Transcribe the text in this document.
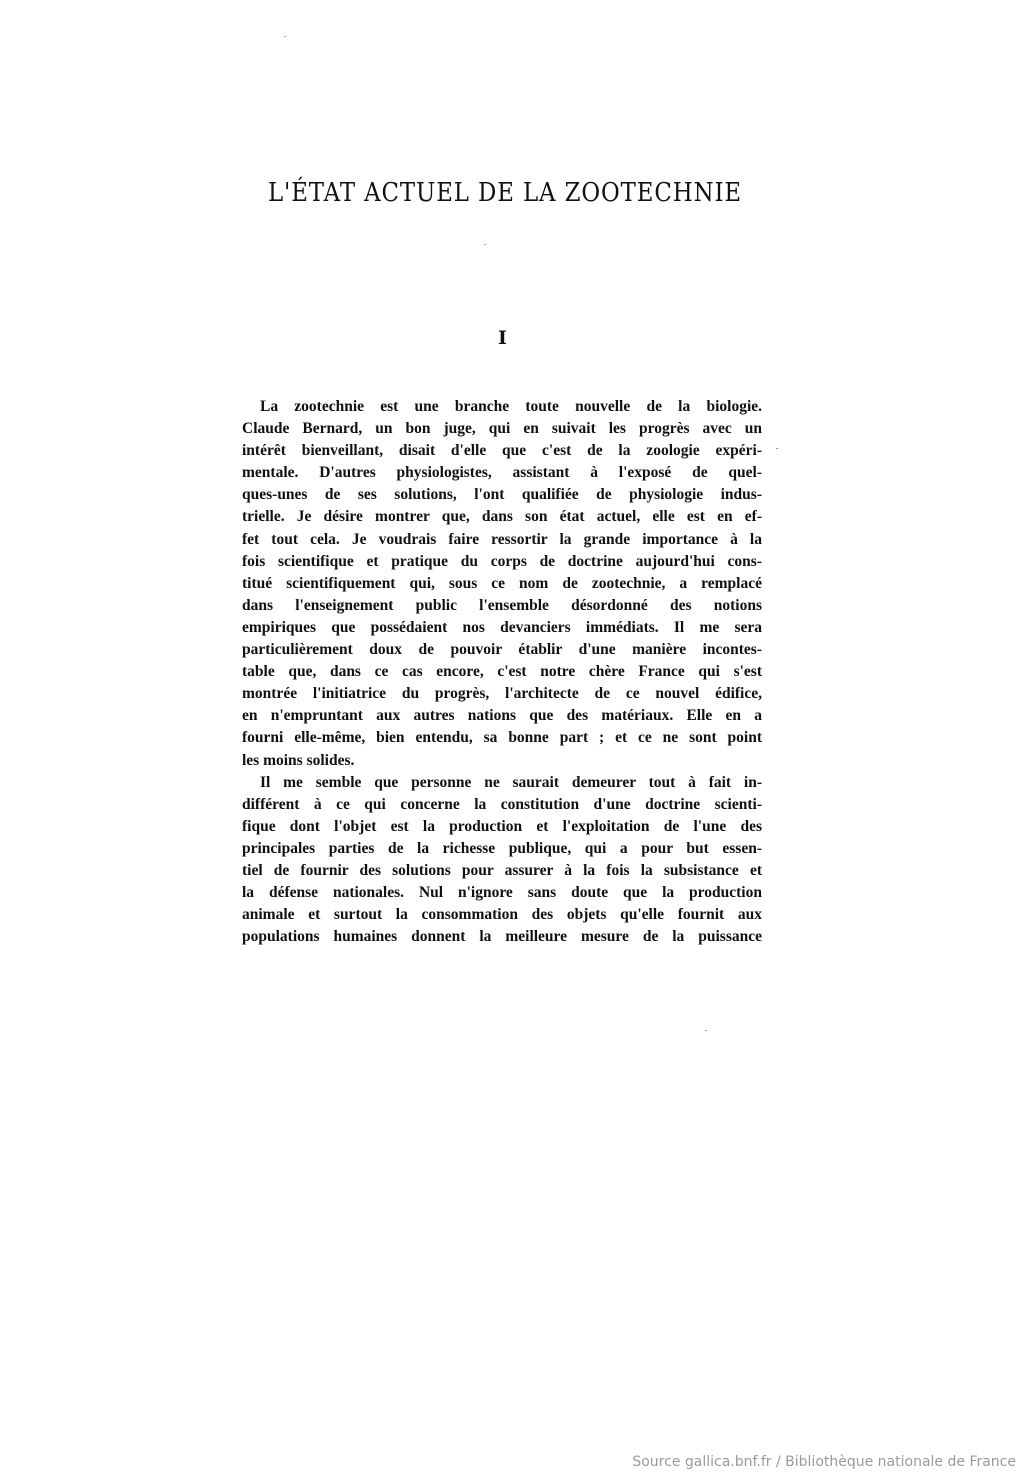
L'ÉTAT ACTUEL DE LA ZOOTECHNIE
I
La zootechnie est une branche toute nouvelle de la biologie.
Claude Bernard, un bon juge, qui en suivait les progrès avec un
intérêt bienveillant, disait d'elle que c'est de la zoologie expéri-
mentale. D'autres physiologistes, assistant à l'exposé de quel-
ques-unes de ses solutions, l'ont qualifiée de physiologie indus-
trielle. Je désire montrer que, dans son état actuel, elle est en ef-
fet tout cela. Je voudrais faire ressortir la grande importance à la
fois scientifique et pratique du corps de doctrine aujourd'hui cons-
titué scientifiquement qui, sous ce nom de zootechnie, a remplacé
dans l'enseignement public l'ensemble désordonné des notions
empiriques que possédaient nos devanciers immédiats. Il me sera
particulièrement doux de pouvoir établir d'une manière incontes-
table que, dans ce cas encore, c'est notre chère France qui s'est
montrée l'initiatrice du progrès, l'architecte de ce nouvel édifice,
en n'empruntant aux autres nations que des matériaux. Elle en a
fourni elle-même, bien entendu, sa bonne part ; et ce ne sont point
les moins solides.
Il me semble que personne ne saurait demeurer tout à fait in-
différent à ce qui concerne la constitution d'une doctrine scienti-
fique dont l'objet est la production et l'exploitation de l'une des
principales parties de la richesse publique, qui a pour but essen-
tiel de fournir des solutions pour assurer à la fois la subsistance et
la défense nationales. Nul n'ignore sans doute que la production
animale et surtout la consommation des objets qu'elle fournit aux
populations humaines donnent la meilleure mesure de la puissance
Source gallica.bnf.fr / Bibliothèque nationale de France
